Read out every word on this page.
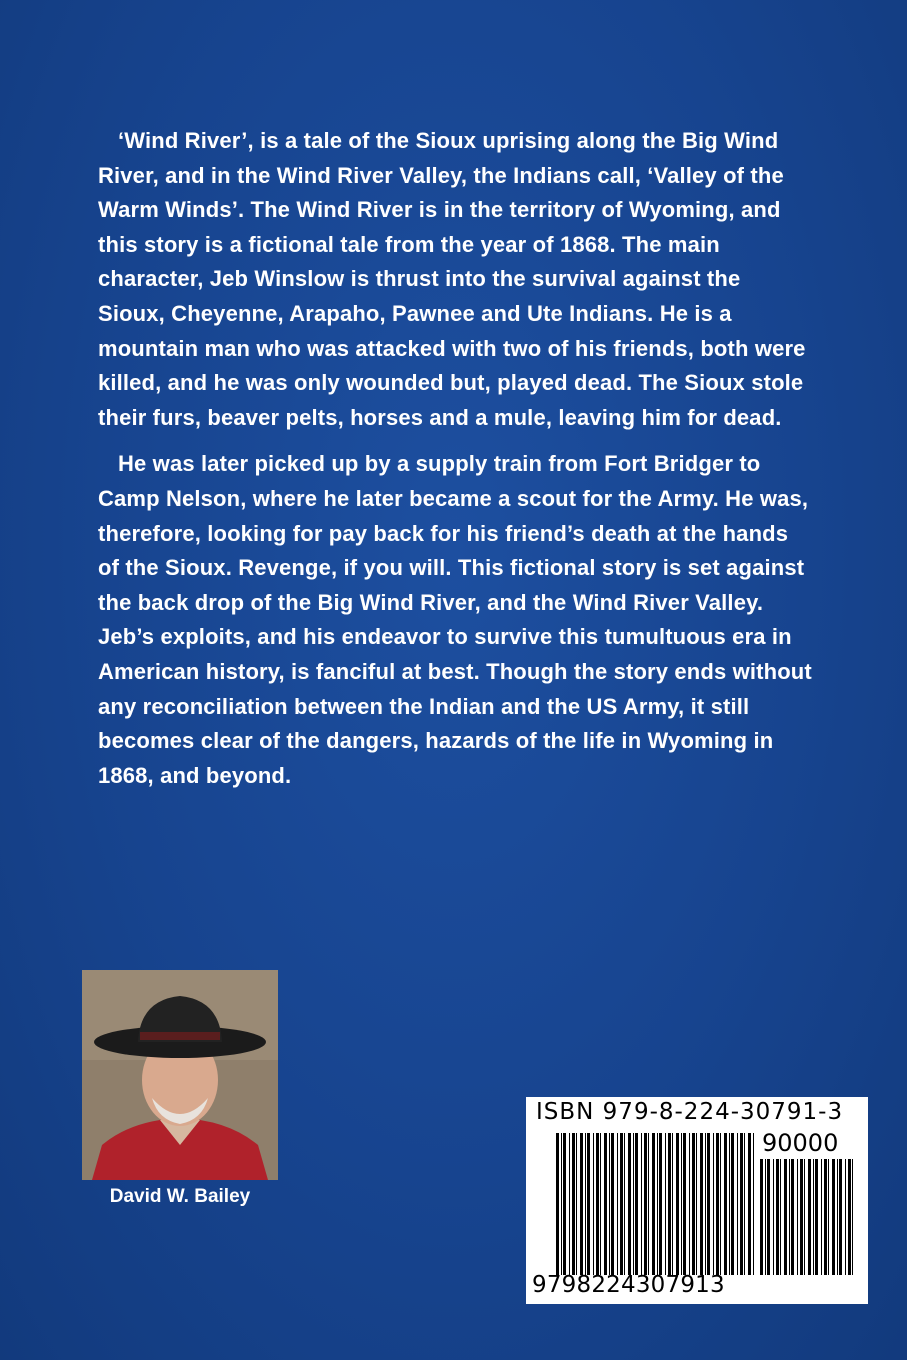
‘Wind River’, is a tale of the Sioux uprising along the Big Wind River, and in the Wind River Valley, the Indians call, ‘Valley of the Warm Winds’. The Wind River is in the territory of Wyoming, and this story is a fictional tale from the year of 1868. The main character, Jeb Winslow is thrust into the survival against the Sioux, Cheyenne, Arapaho, Pawnee and Ute Indians. He is a mountain man who was attacked with two of his friends, both were killed, and he was only wounded but, played dead. The Sioux stole their furs, beaver pelts, horses and a mule, leaving him for dead.

He was later picked up by a supply train from Fort Bridger to Camp Nelson, where he later became a scout for the Army. He was, therefore, looking for pay back for his friend’s death at the hands of the Sioux. Revenge, if you will. This fictional story is set against the back drop of the Big Wind River, and the Wind River Valley. Jeb’s exploits, and his endeavor to survive this tumultuous era in American history, is fanciful at best. Though the story ends without any reconciliation between the Indian and the US Army, it still becomes clear of the dangers, hazards of the life in Wyoming in 1868, and beyond.

David W. Bailey
ISBN 979-8-224-30791-3
90000
9798224307913
